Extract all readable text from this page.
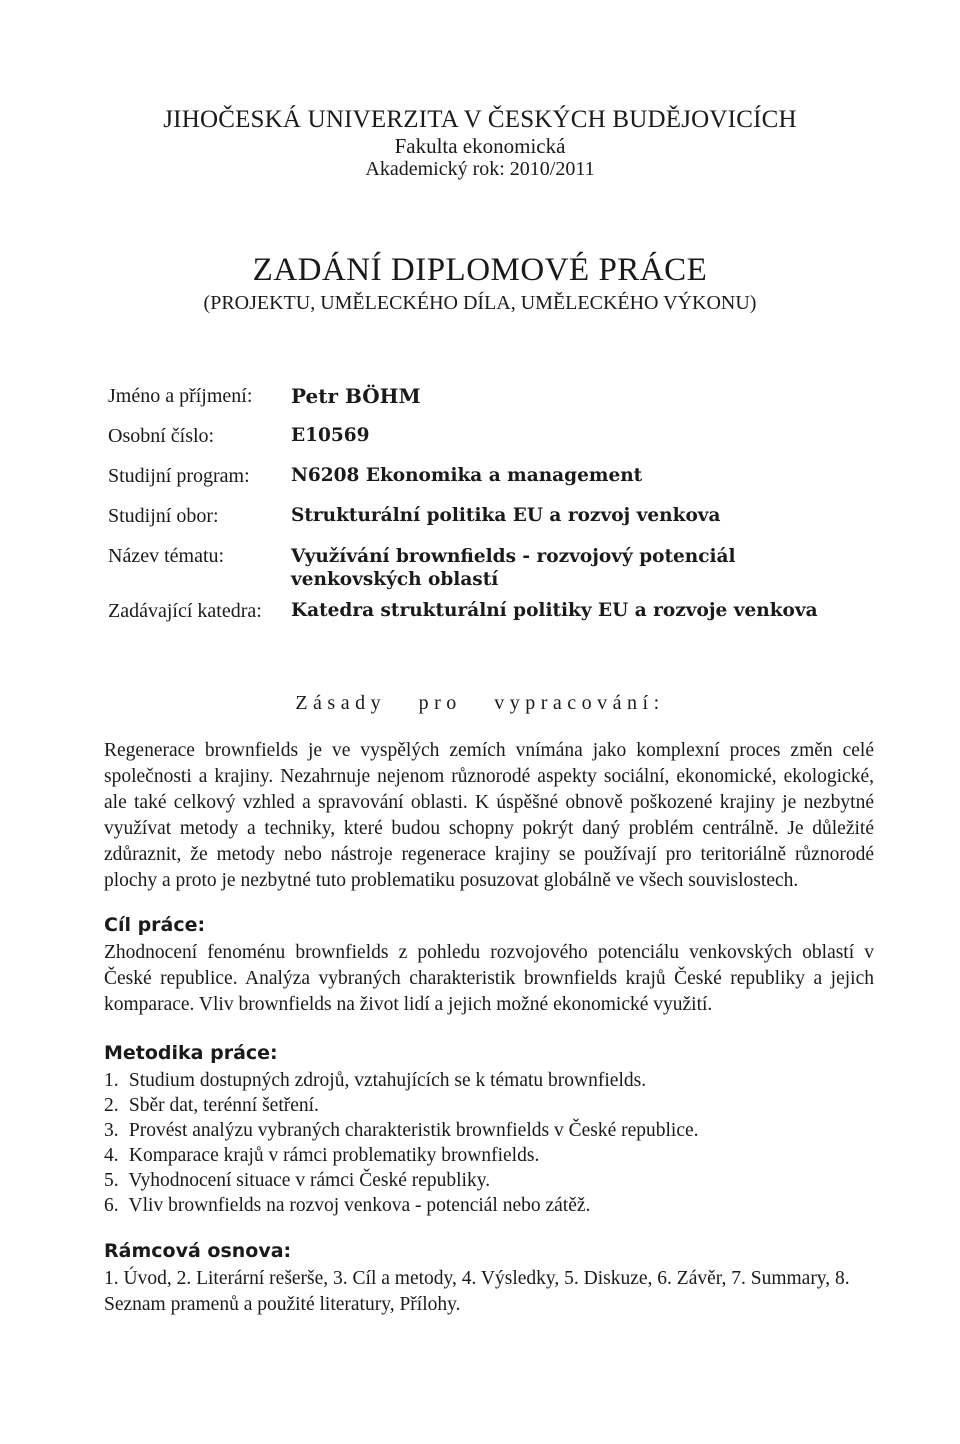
JIHOČESKÁ UNIVERZITA V ČESKÝCH BUDĚJOVICÍCH
Fakulta ekonomická
Akademický rok: 2010/2011
ZADÁNÍ DIPLOMOVÉ PRÁCE
(PROJEKTU, UMĚLECKÉHO DÍLA, UMĚLECKÉHO VÝKONU)
Jméno a příjmení:	Petr BÖHM
Osobní číslo:	E10569
Studijní program:	N6208 Ekonomika a management
Studijní obor:	Strukturální politika EU a rozvoj venkova
Název tématu:	Využívání brownfields - rozvojový potenciál venkovských oblastí
Zadávající katedra:	Katedra strukturální politiky EU a rozvoje venkova
Zásady pro vypracování:

Regenerace brownfields je ve vyspělých zemích vnímána jako komplexní proces změn celé společnosti a krajiny. Nezahrnuje nejenom různorodé aspekty sociální, ekonomické, ekologické, ale také celkový vzhled a spravování oblasti. K úspěšné obnově poškozené krajiny je nezbytné využívat metody a techniky, které budou schopny pokrýt daný problém centrálně. Je důležité zdůraznit, že metody nebo nástroje regenerace krajiny se používají pro teritoriálně různorodé plochy a proto je nezbytné tuto problematiku posuzovat globálně ve všech souvislostech.

Cíl práce:

Zhodnocení fenoménu brownfields z pohledu rozvojového potenciálu venkovských oblastí v České republice. Analýza vybraných charakteristik brownfields krajů České republiky a jejich komparace. Vliv brownfields na život lidí a jejich možné ekonomické využití.

Metodika práce:
1. Studium dostupných zdrojů, vztahujících se k tématu brownfields.
2. Sběr dat, terénní šetření.
3. Provést analýzu vybraných charakteristik brownfields v České republice.
4. Komparace krajů v rámci problematiky brownfields.
5. Vyhodnocení situace v rámci České republiky.
6. Vliv brownfields na rozvoj venkova - potenciál nebo zátěž.
Rámcová osnova:

1. Úvod, 2. Literární rešerše, 3. Cíl a metody, 4. Výsledky, 5. Diskuze, 6. Závěr, 7. Summary, 8. Seznam pramenů a použité literatury, Přílohy.
